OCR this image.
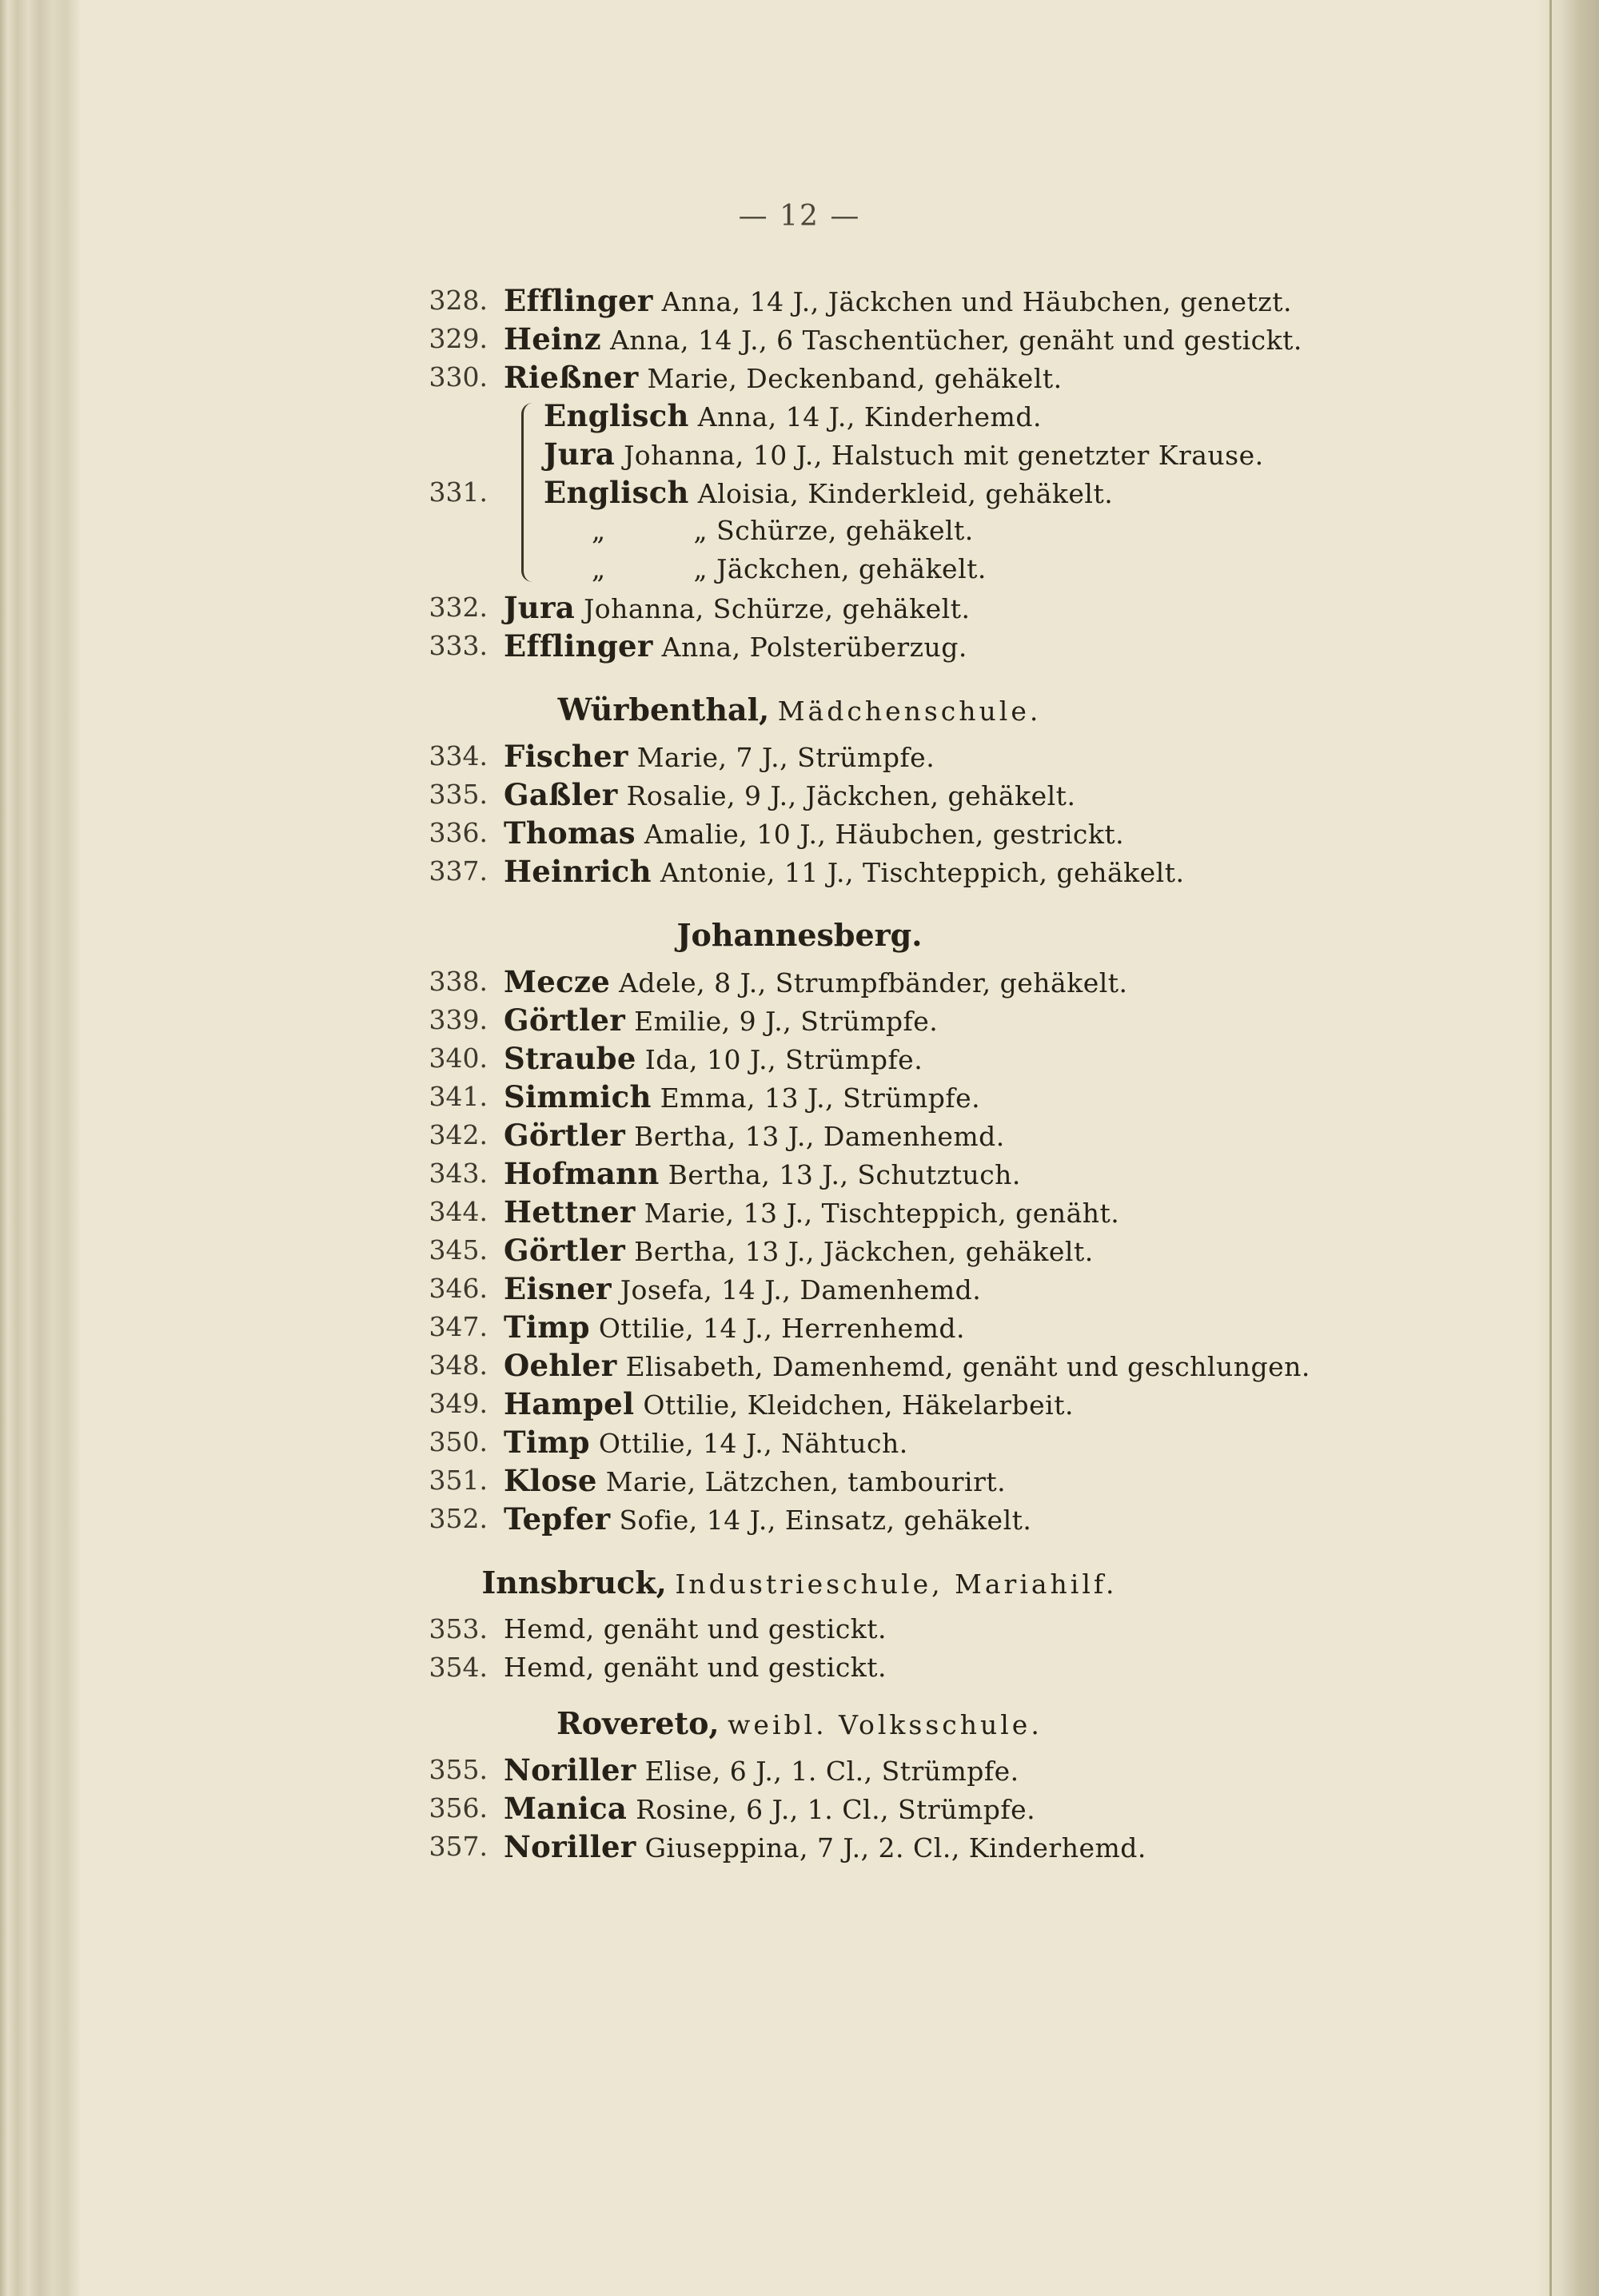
— 12 —
328. Efflinger Anna, 14 J., Jäckchen und Häubchen, genetzt.
329. Heinz Anna, 14 J., 6 Taschentücher, genäht und gestickt.
330. Rießner Marie, Deckenband, gehäkelt.
Englisch Anna, 14 J., Kinderhemd.
Jura Johanna, 10 J., Halstuch mit genetzter Krause.
331. Englisch Aloisia, Kinderkleid, gehäkelt.
„	„ Schürze, gehäkelt.
„	„ Jäckchen, gehäkelt.
332. Jura Johanna, Schürze, gehäkelt.
333. Efflinger Anna, Polsterüberzug.
Würbenthal, Mädchenschule.
334. Fischer Marie, 7 J., Strümpfe.
335. Gaßler Rosalie, 9 J., Jäckchen, gehäkelt.
336. Thomas Amalie, 10 J., Häubchen, gestrickt.
337. Heinrich Antonie, 11 J., Tischteppich, gehäkelt.
Johannesberg.
338. Mecze Adele, 8 J., Strumpfbänder, gehäkelt.
339. Görtler Emilie, 9 J., Strümpfe.
340. Straube Ida, 10 J., Strümpfe.
341. Simmich Emma, 13 J., Strümpfe.
342. Görtler Bertha, 13 J., Damenhemd.
343. Hofmann Bertha, 13 J., Schutztuch.
344. Hettner Marie, 13 J., Tischteppich, genäht.
345. Görtler Bertha, 13 J., Jäckchen, gehäkelt.
346. Eisner Josefa, 14 J., Damenhemd.
347. Timp Ottilie, 14 J., Herrenhemd.
348. Oehler Elisabeth, Damenhemd, genäht und geschlungen.
349. Hampel Ottilie, Kleidchen, Häkelarbeit.
350. Timp Ottilie, 14 J., Nähtuch.
351. Klose Marie, Lätzchen, tambourirt.
352. Tepfer Sofie, 14 J., Einsatz, gehäkelt.
Innsbruck, Industrieschule, Mariahilf.
353. Hemd, genäht und gestickt.
354. Hemd, genäht und gestickt.
Rovereto, weibl. Volksschule.
355. Noriller Elise, 6 J., 1. Cl., Strümpfe.
356. Manica Rosine, 6 J., 1. Cl., Strümpfe.
357. Noriller Giuseppina, 7 J., 2. Cl., Kinderhemd.
